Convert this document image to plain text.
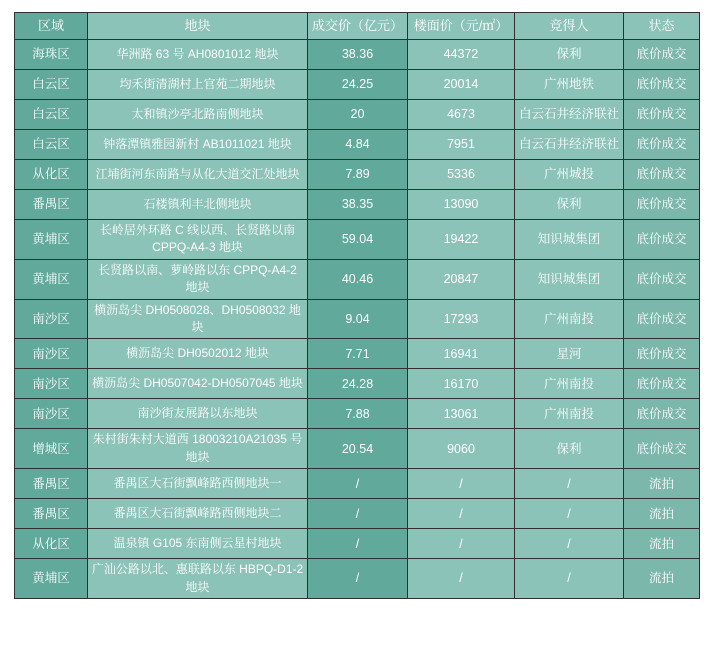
区域	地块	成交价（亿元）	楼面价（元/㎡）	竞得人	状态
海珠区	华洲路 63 号 AH0801012 地块	38.36	44372	保利	底价成交
白云区	均禾街清湖村上官苑二期地块	24.25	20014	广州地铁	底价成交
白云区	太和镇沙亭北路南侧地块	20	4673	白云石井经济联社	底价成交
白云区	钟落潭镇雅园新村 AB1011021 地块	4.84	7951	白云石井经济联社	底价成交
从化区	江埔街河东南路与从化大道交汇处地块	7.89	5336	广州城投	底价成交
番禺区	石楼镇利丰北侧地块	38.35	13090	保利	底价成交
黄埔区	长岭居外环路 C 线以西、长贤路以南 CPPQ-A4-3 地块	59.04	19422	知识城集团	底价成交
黄埔区	长贤路以南、萝岭路以东 CPPQ-A4-2 地块	40.46	20847	知识城集团	底价成交
南沙区	横沥岛尖 DH0508028、DH0508032 地块	9.04	17293	广州南投	底价成交
南沙区	横沥岛尖 DH0502012 地块	7.71	16941	星河	底价成交
南沙区	横沥岛尖 DH0507042-DH0507045 地块	24.28	16170	广州南投	底价成交
南沙区	南沙街友展路以东地块	7.88	13061	广州南投	底价成交
增城区	朱村街朱村大道西 18003210A21035 号地块	20.54	9060	保利	底价成交
番禺区	番禺区大石街飘峰路西侧地块一	/	/	/	流拍
番禺区	番禺区大石街飘峰路西侧地块二	/	/	/	流拍
从化区	温泉镇 G105 东南侧云星村地块	/	/	/	流拍
黄埔区	广汕公路以北、惠联路以东 HBPQ-D1-2 地块	/	/	/	流拍
